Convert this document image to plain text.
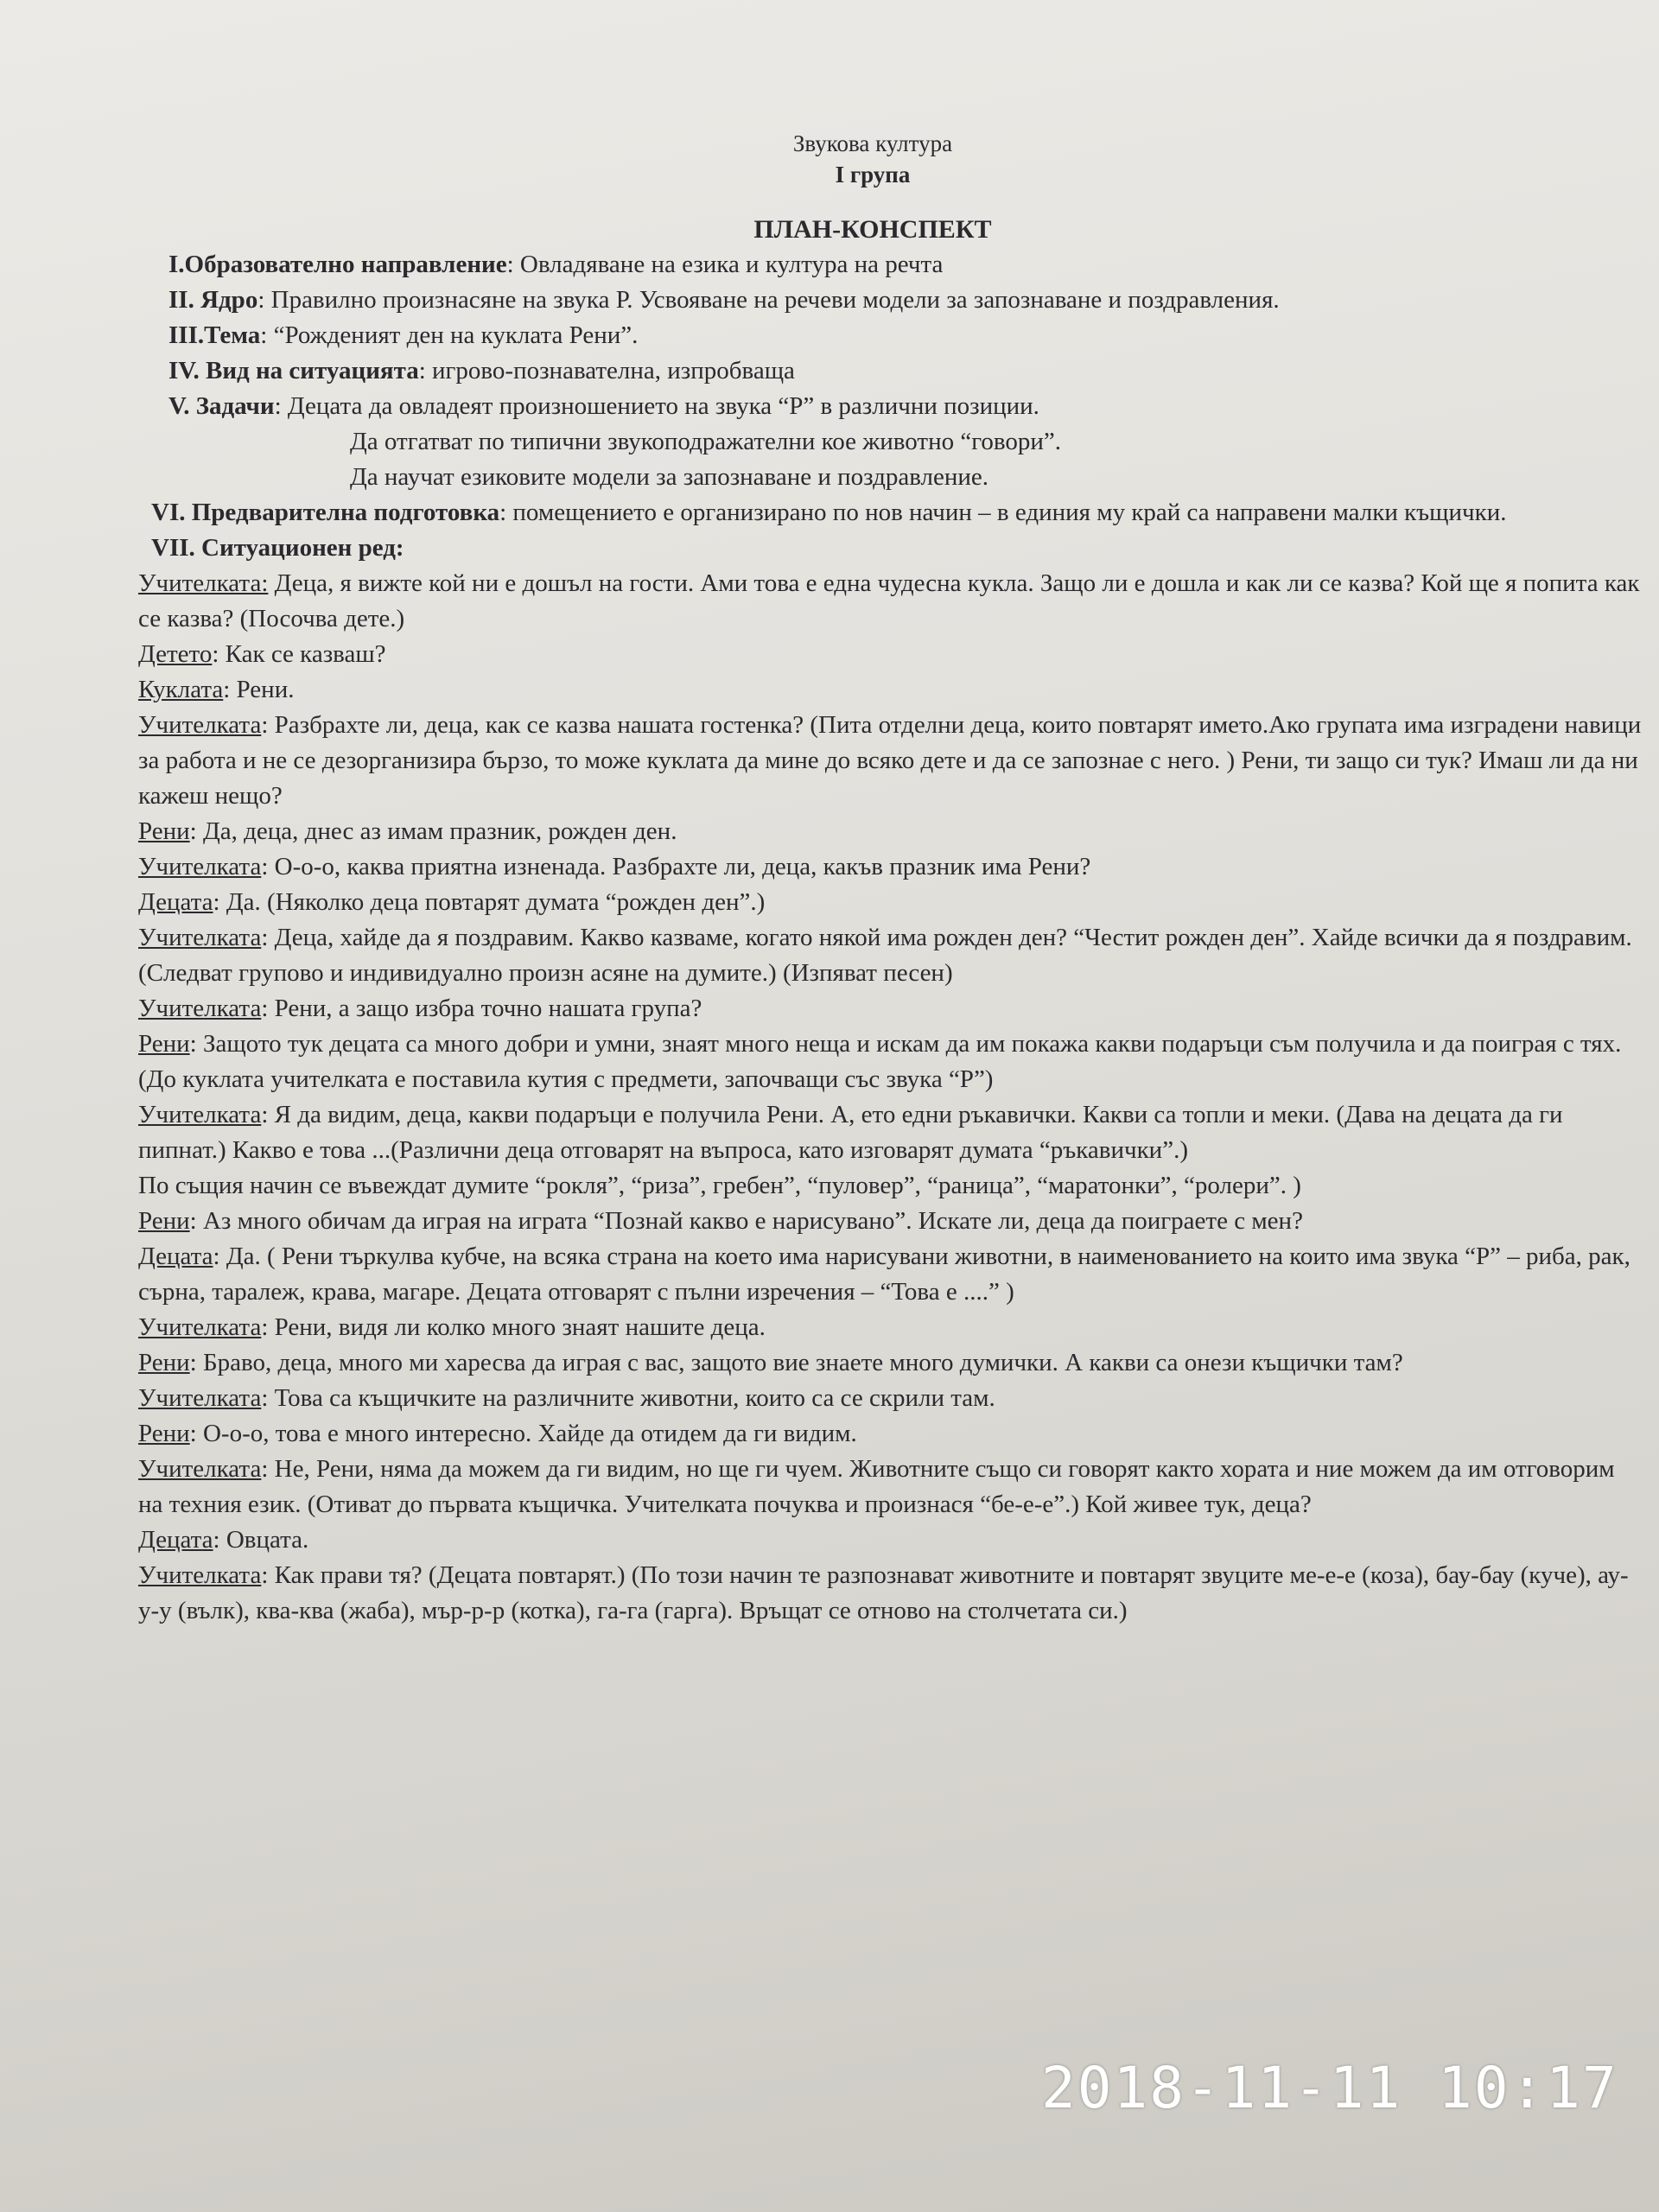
Звукова култура
І група
ПЛАН-КОНСПЕКТ
І.Образователно направление: Овладяване на езика и култура на речта
ІІ. Ядро: Правилно произнасяне на звука Р. Усвояване на речеви модели за запознаване и поздравления.
ІІІ.Тема: “Рожденият ден на куклата Рени”.
ІV. Вид на ситуацията: игрово-познавателна, изпробваща
V. Задачи: Децата да овладеят произношението на звука “Р” в различни позиции.
Да отгатват по типични звукоподражателни кое животно “говори”.
Да научат езиковите модели за запознаване и поздравление.
VІ. Предварителна подготовка: помещението е организирано по нов начин – в единия му край са направени малки къщички.
VІІ. Ситуационен ред:
Учителката: Деца, я вижте кой ни е дошъл на гости. Ами това е една чудесна кукла. Защо ли е дошла и как ли се казва? Кой ще я попита как се казва? (Посочва дете.)
Детето: Как се казваш?
Куклата: Рени.
Учителката: Разбрахте ли, деца, как се казва нашата гостенка? (Пита отделни деца, които повтарят името.Ако групата има изградени навици за работа и не се дезорганизира бързо, то може куклата да мине до всяко дете и да се запознае с него. ) Рени, ти защо си тук? Имаш ли да ни кажеш нещо?
Рени: Да, деца, днес аз имам празник, рожден ден.
Учителката: О-о-о, каква приятна изненада. Разбрахте ли, деца, какъв празник има Рени?
Децата: Да. (Няколко деца повтарят думата “рожден ден”.)
Учителката: Деца, хайде да я поздравим. Какво казваме, когато някой има рожден ден? “Честит рожден ден”. Хайде всички да я поздравим. (Следват групово и индивидуално произн асяне на думите.) (Изпяват песен)
Учителката: Рени, а защо избра точно нашата група?
Рени: Защото тук децата са много добри и умни, знаят много неща и искам да им покажа какви подаръци съм получила и да поиграя с тях. (До куклата учителката е поставила кутия с предмети, започващи със звука “Р”)
Учителката: Я да видим, деца, какви подаръци е получила Рени. А, ето едни ръкавички. Какви са топли и меки. (Дава на децата да ги пипнат.) Какво е това ...(Различни деца отговарят на въпроса, като изговарят думата “ръкавички”.)
По същия начин се въвеждат думите “рокля”, “риза”, гребен”, “пуловер”, “раница”, “маратонки”, “ролери”. )
Рени: Аз много обичам да играя на играта “Познай какво е нарисувано”. Искате ли, деца да поиграете с мен?
Децата: Да. ( Рени търкулва кубче, на всяка страна на което има нарисувани животни, в наименованието на които има звука “Р” – риба, рак, сърна, таралеж, крава, магаре. Децата отговарят с пълни изречения – “Това е ....” )
Учителката: Рени, видя ли колко много знаят нашите деца.
Рени: Браво, деца, много ми харесва да играя с вас, защото вие знаете много думички. А какви са онези къщички там?
Учителката: Това са къщичките на различните животни, които са се скрили там.
Рени: О-о-о, това е много интересно. Хайде да отидем да ги видим.
Учителката: Не, Рени, няма да можем да ги видим, но ще ги чуем. Животните също си говорят както хората и ние можем да им отговорим на техния език. (Отиват до първата къщичка. Учителката почуква и произнася “бе-е-е”.) Кой живее тук, деца?
Децата: Овцата.
Учителката: Как прави тя? (Децата повтарят.) (По този начин те разпознават животните и повтарят звуците ме-е-е (коза), бау-бау (куче), ау-у-у (вълк), ква-ква (жаба), мър-р-р (котка), га-га (гарга). Връщат се отново на столчетата си.)
2018-11-11 10:17
